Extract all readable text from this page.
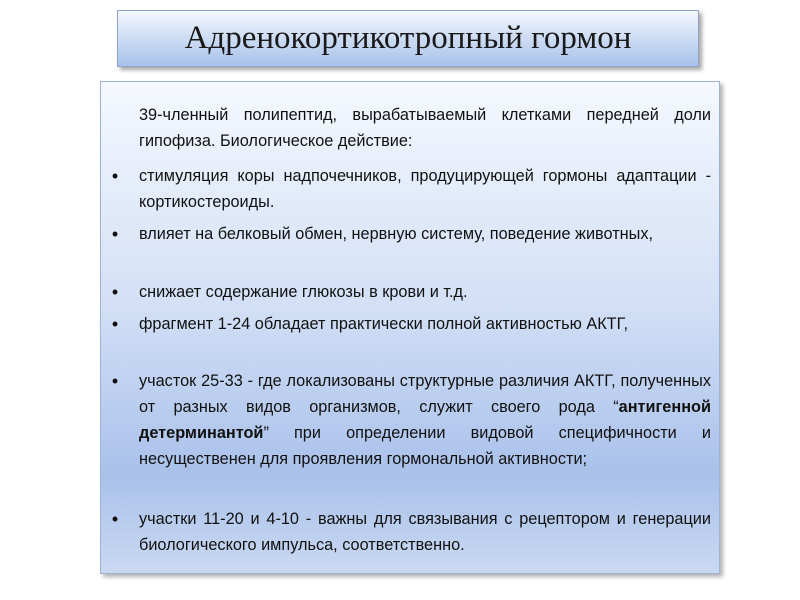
Адренокортикотропный гормон
39-членный полипептид, вырабатываемый клетками передней доли гипофиза. Биологическое действие:
• стимуляция коры надпочечников, продуцирующей гормоны адаптации - кортикостероиды.
• влияет на белковый обмен, нервную систему, поведение животных,
• снижает содержание глюкозы в крови и т.д.
• фрагмент 1-24 обладает практически полной активностью АКТГ,
• участок 25-33 - где локализованы структурные различия АКТГ, полученных от разных видов организмов, служит своего рода “антигенной детерминантой” при определении видовой специфичности и несущественен для проявления гормональной активности;
• участки 11-20 и 4-10 - важны для связывания с рецептором и генерации биологического импульса, соответственно.
